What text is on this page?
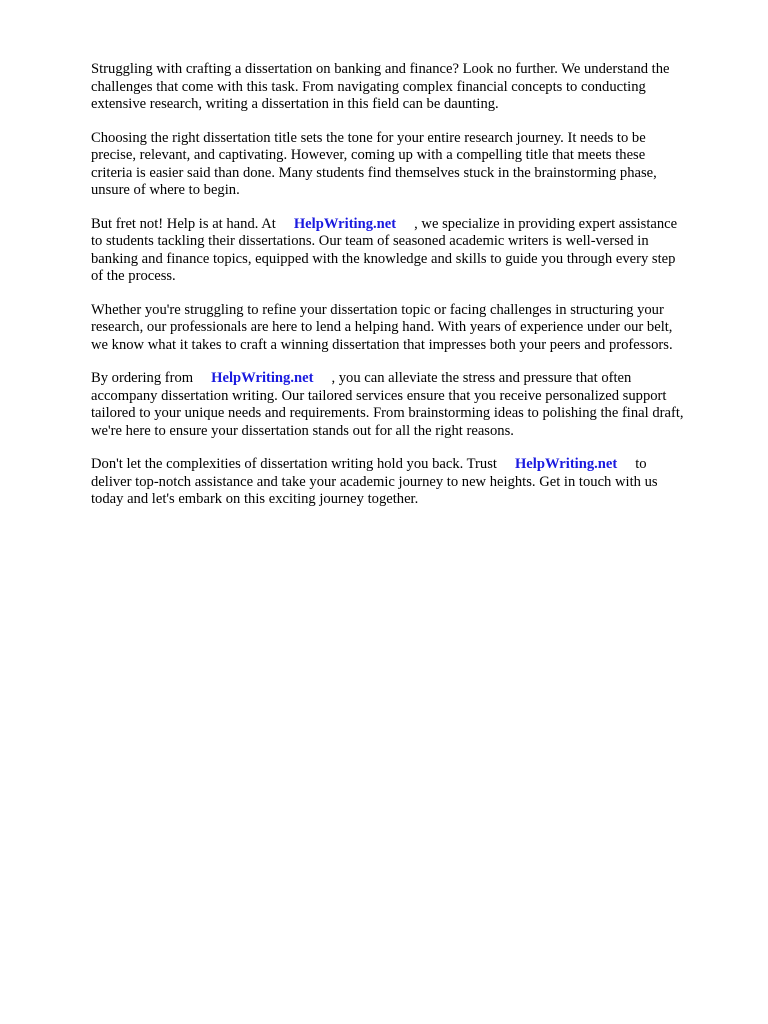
Struggling with crafting a dissertation on banking and finance? Look no further. We understand the
challenges that come with this task. From navigating complex financial concepts to conducting
extensive research, writing a dissertation in this field can be daunting.

Choosing the right dissertation title sets the tone for your entire research journey. It needs to be
precise, relevant, and captivating. However, coming up with a compelling title that meets these
criteria is easier said than done. Many students find themselves stuck in the brainstorming phase,
unsure of where to begin.

But fret not! Help is at hand. At HelpWriting.net , we specialize in providing expert assistance
to students tackling their dissertations. Our team of seasoned academic writers is well-versed in
banking and finance topics, equipped with the knowledge and skills to guide you through every step
of the process.

Whether you're struggling to refine your dissertation topic or facing challenges in structuring your
research, our professionals are here to lend a helping hand. With years of experience under our belt,
we know what it takes to craft a winning dissertation that impresses both your peers and professors.

By ordering from HelpWriting.net , you can alleviate the stress and pressure that often
accompany dissertation writing. Our tailored services ensure that you receive personalized support
tailored to your unique needs and requirements. From brainstorming ideas to polishing the final draft,
we're here to ensure your dissertation stands out for all the right reasons.

Don't let the complexities of dissertation writing hold you back. Trust HelpWriting.net to
deliver top-notch assistance and take your academic journey to new heights. Get in touch with us
today and let's embark on this exciting journey together.
